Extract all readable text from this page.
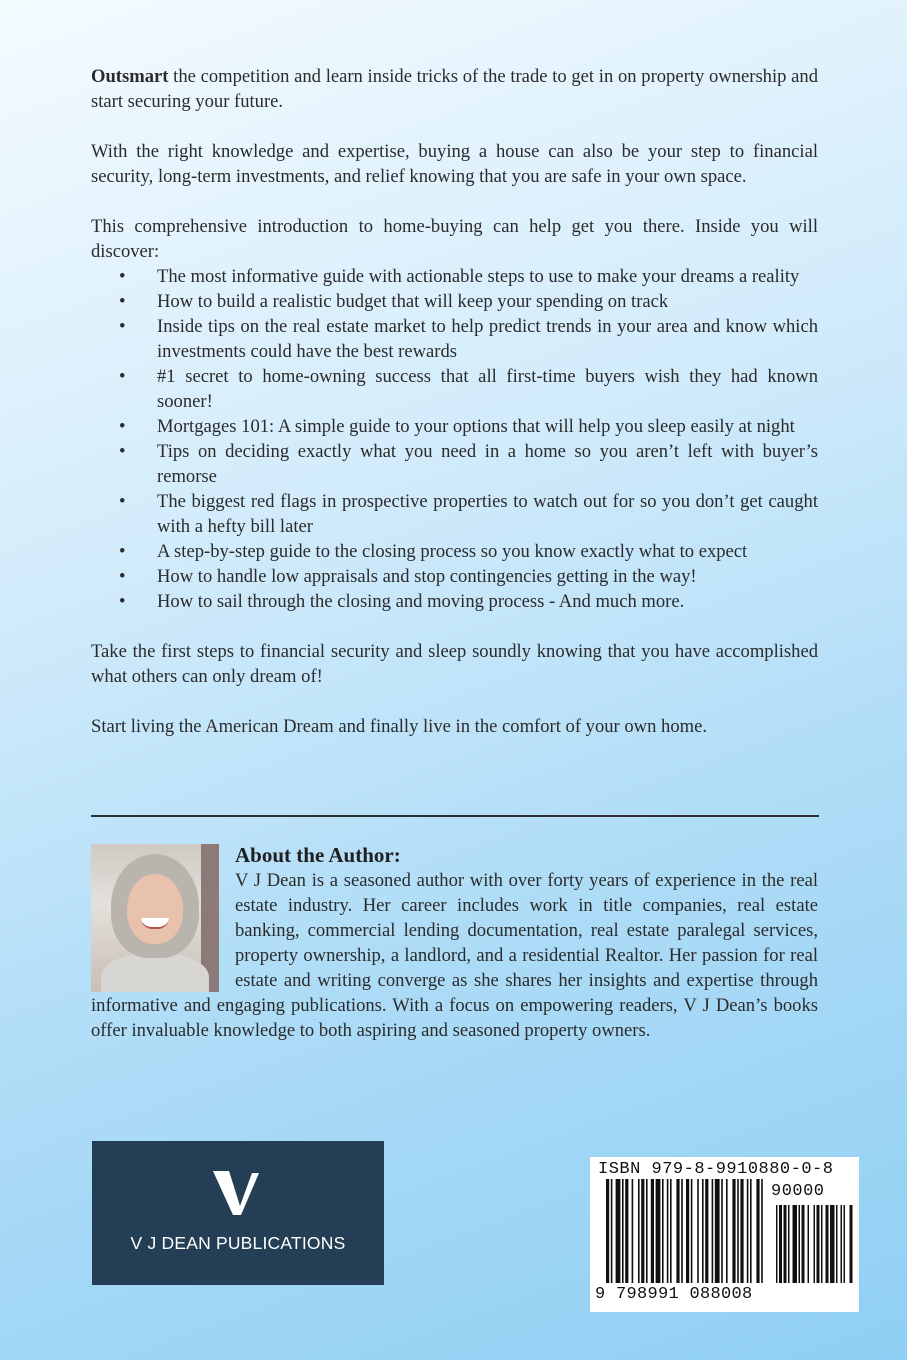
Outsmart the competition and learn inside tricks of the trade to get in on property ownership and start securing your future.

With the right knowledge and expertise, buying a house can also be your step to financial security, long-term investments, and relief knowing that you are safe in your own space.

This comprehensive introduction to home-buying can help get you there. Inside you will discover:

• The most informative guide with actionable steps to use to make your dreams a reality
• How to build a realistic budget that will keep your spending on track
• Inside tips on the real estate market to help predict trends in your area and know which investments could have the best rewards
• #1 secret to home-owning success that all first-time buyers wish they had known sooner!
• Mortgages 101: A simple guide to your options that will help you sleep easily at night
• Tips on deciding exactly what you need in a home so you aren’t left with buyer’s remorse
• The biggest red flags in prospective properties to watch out for so you don’t get caught with a hefty bill later
• A step-by-step guide to the closing process so you know exactly what to expect
• How to handle low appraisals and stop contingencies getting in the way!
• How to sail through the closing and moving process - And much more.

Take the first steps to financial security and sleep soundly knowing that you have accomplished what others can only dream of!

Start living the American Dream and finally live in the comfort of your own home.

About the Author:
V J Dean is a seasoned author with over forty years of experience in the real estate industry. Her career includes work in title companies, real estate banking, commercial lending documentation, real estate paralegal services, property ownership, a landlord, and a residential Realtor. Her passion for real estate and writing converge as she shares her insights and expertise through informative and engaging publications. With a focus on empowering readers, V J Dean’s books offer invaluable knowledge to both aspiring and seasoned property owners.
V J DEAN PUBLICATIONS
ISBN 979-8-9910880-0-8
90000
9 798991 088008
